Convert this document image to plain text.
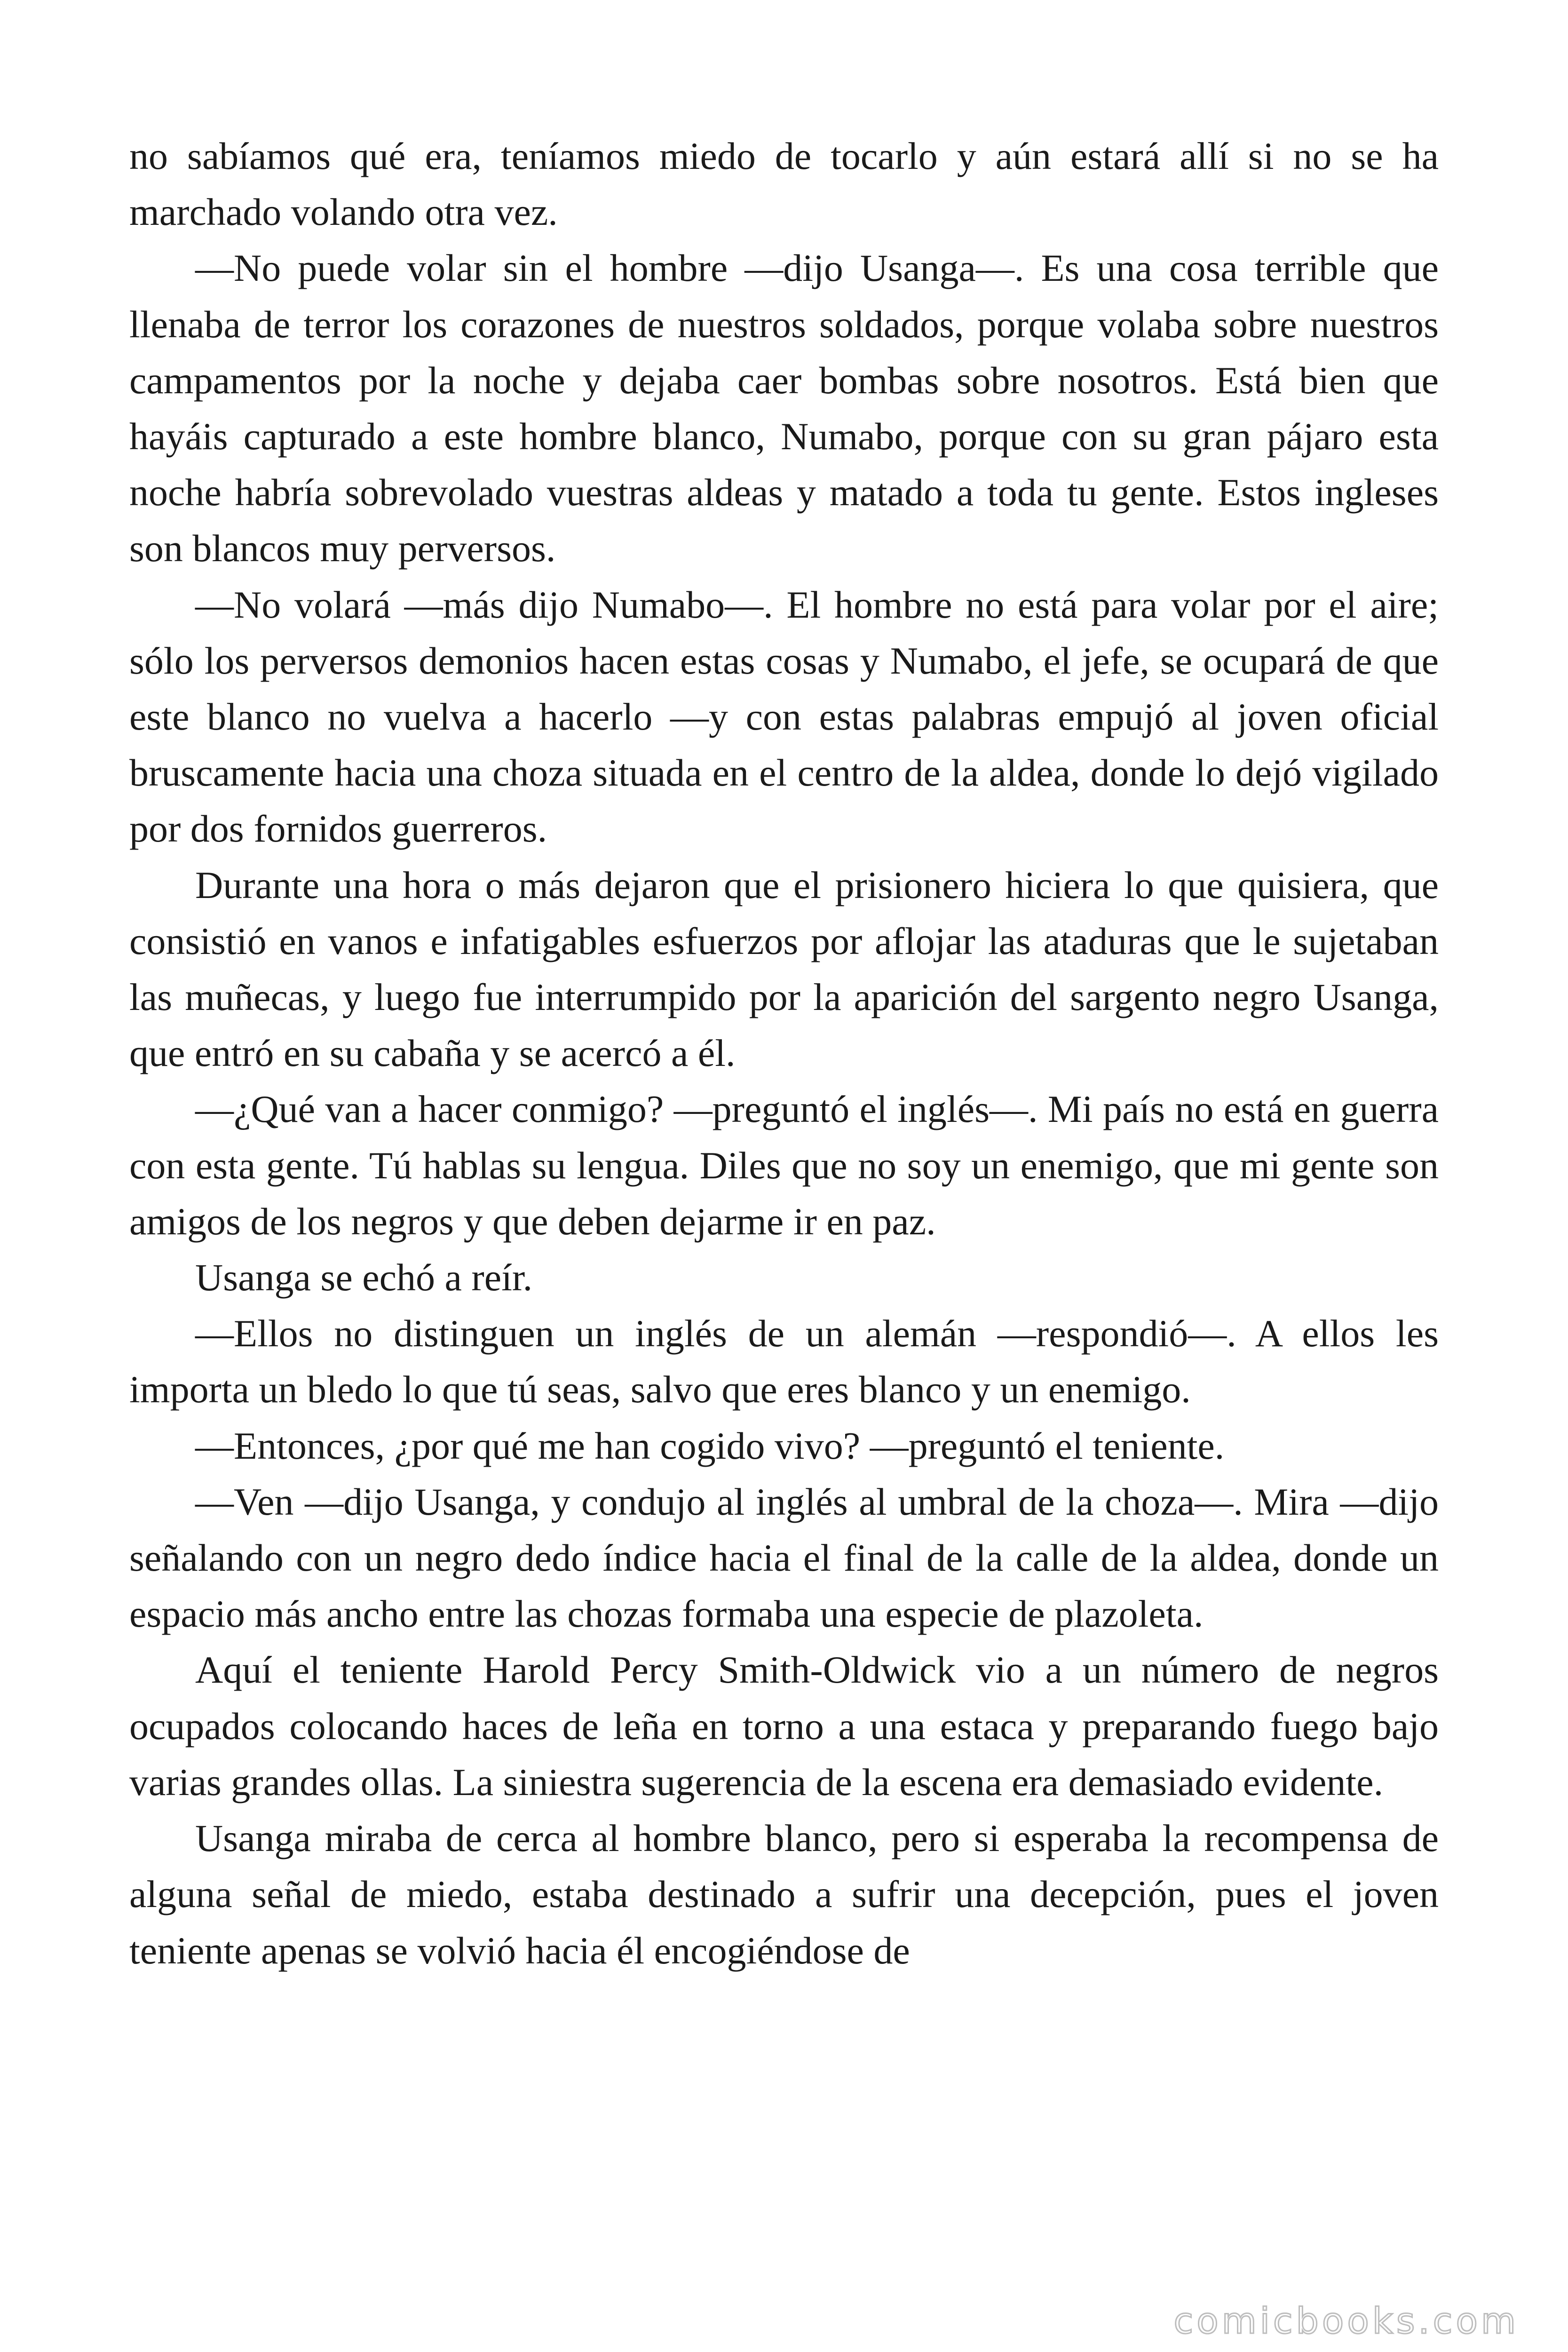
no sabíamos qué era, teníamos miedo de tocarlo y aún estará allí si no se ha marchado volando otra vez.

—No puede volar sin el hombre —dijo Usanga—. Es una cosa terrible que llenaba de terror los corazones de nuestros soldados, porque volaba sobre nuestros campamentos por la noche y dejaba caer bombas sobre nosotros. Está bien que hayáis capturado a este hombre blanco, Numabo, porque con su gran pájaro esta noche habría sobrevolado vuestras aldeas y matado a toda tu gente. Estos ingleses son blancos muy perversos.

—No volará —más dijo Numabo—. El hombre no está para volar por el aire; sólo los perversos demonios hacen estas cosas y Numabo, el jefe, se ocupará de que este blanco no vuelva a hacerlo —y con estas palabras empujó al joven oficial bruscamente hacia una choza situada en el centro de la aldea, donde lo dejó vigilado por dos fornidos guerreros.

Durante una hora o más dejaron que el prisionero hiciera lo que quisiera, que consistió en vanos e infatigables esfuerzos por aflojar las ataduras que le sujetaban las muñecas, y luego fue interrumpido por la aparición del sargento negro Usanga, que entró en su cabaña y se acercó a él.

—¿Qué van a hacer conmigo? —preguntó el inglés—. Mi país no está en guerra con esta gente. Tú hablas su lengua. Diles que no soy un enemigo, que mi gente son amigos de los negros y que deben dejarme ir en paz.

Usanga se echó a reír.

—Ellos no distinguen un inglés de un alemán —respondió—. A ellos les importa un bledo lo que tú seas, salvo que eres blanco y un enemigo.

—Entonces, ¿por qué me han cogido vivo? —preguntó el teniente.

—Ven —dijo Usanga, y condujo al inglés al umbral de la choza—. Mira —dijo señalando con un negro dedo índice hacia el final de la calle de la aldea, donde un espacio más ancho entre las chozas formaba una especie de plazoleta.

Aquí el teniente Harold Percy Smith-Oldwick vio a un número de negros ocupados colocando haces de leña en torno a una estaca y preparando fuego bajo varias grandes ollas. La siniestra sugerencia de la escena era demasiado evidente.

Usanga miraba de cerca al hombre blanco, pero si esperaba la recompensa de alguna señal de miedo, estaba destinado a sufrir una decepción, pues el joven teniente apenas se volvió hacia él encogiéndose de

comicbooks.com
